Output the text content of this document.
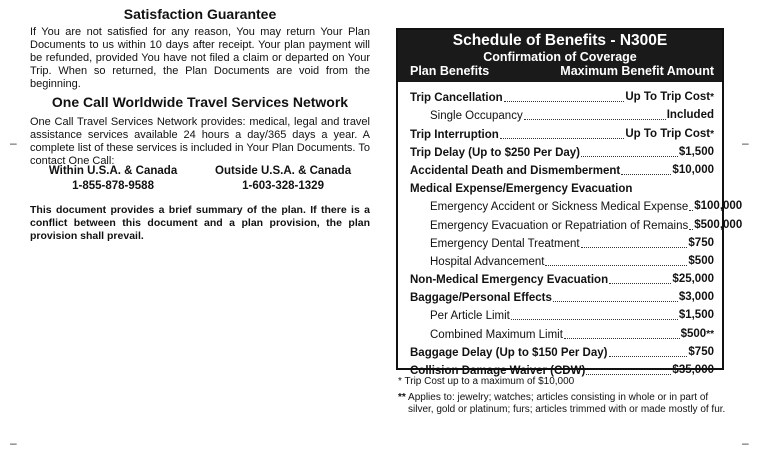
Satisfaction Guarantee
If You are not satisfied for any reason, You may return Your Plan Documents to us within 10 days after receipt. Your plan payment will be refunded, provided You have not filed a claim or departed on Your Trip. When so returned, the Plan Documents are void from the beginning.
One Call Worldwide Travel Services Network
One Call Travel Services Network provides: medical, legal and travel assistance services available 24 hours a day/365 days a year. A complete list of these services is included in Your Plan Documents. To contact One Call:
Within U.S.A. & Canada
1-855-878-9588
Outside U.S.A. & Canada
1-603-328-1329
This document provides a brief summary of the plan. If there is a conflict between this document and a plan provision, the plan provision shall prevail.
Schedule of Benefits - N300E
Confirmation of Coverage
Plan Benefits	Maximum Benefit Amount
Trip Cancellation	Up To Trip Cost*
Single Occupancy	Included
Trip Interruption	Up To Trip Cost*
Trip Delay (Up to $250 Per Day)	$1,500
Accidental Death and Dismemberment	$10,000
Medical Expense/Emergency Evacuation
Emergency Accident or Sickness Medical Expense $100,000
Emergency Evacuation or Repatriation of Remains $500,000
Emergency Dental Treatment	$750
Hospital Advancement	$500
Non-Medical Emergency Evacuation	$25,000
Baggage/Personal Effects	$3,000
Per Article Limit	$1,500
Combined Maximum Limit	$500**
Baggage Delay (Up to $150 Per Day)	$750
Collision Damage Waiver (CDW)	$35,000
* Trip Cost up to a maximum of $10,000
** Applies to: jewelry; watches; articles consisting in whole or in part of silver, gold or platinum; furs; articles trimmed with or made mostly of fur.
–	–
–	–
